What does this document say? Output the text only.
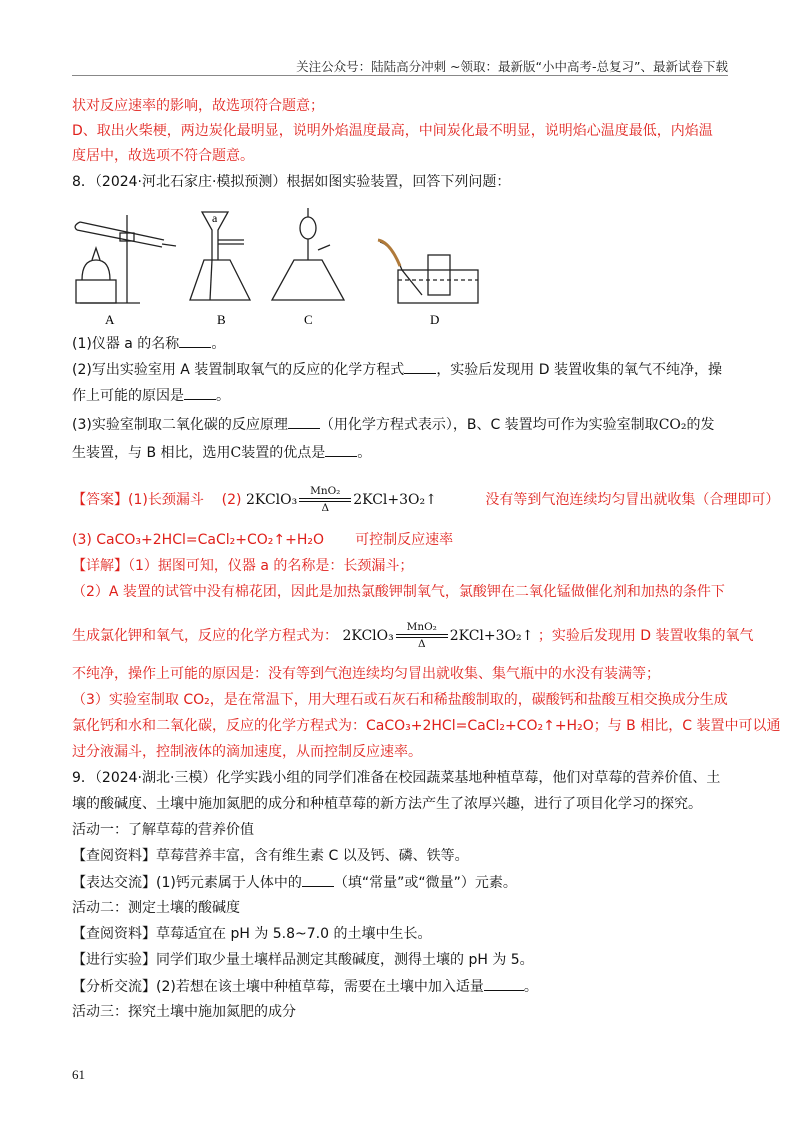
关注公众号：陆陆高分冲刺 ~领取：最新版“小中高考-总复习”、最新试卷下载
状对反应速率的影响，故选项符合题意；
D、取出火柴梗，两边炭化最明显，说明外焰温度最高，中间炭化最不明显，说明焰心温度最低，内焰温
度居中，故选项不符合题意。
8．（2024·河北石家庄·模拟预测）根据如图实验装置，回答下列问题：
a
A	B	C	D
(1)仪器 a 的名称 。
(2)写出实验室用 A 装置制取氧气的反应的化学方程式 ，实验后发现用 D 装置收集的氧气不纯净，操
作上可能的原因是 。
(3)实验室制取二氧化碳的反应原理 （用化学方程式表示），B、C 装置均可作为实验室制取CO₂的发
生装置，与 B 相比，选用C装置的优点是 。
【答案】(1)长颈漏斗 (2) 2KClO₃ $\frac{\text{MnO₂}}{\Delta}$ 2KCl+3O₂↑	没有等到气泡连续均匀冒出就收集（合理即可）
(3) CaCO₃+2HCl=CaCl₂+CO₂↑+H₂O 可控制反应速率
【详解】（1）据图可知，仪器 a 的名称是：长颈漏斗；
（2）A 装置的试管中没有棉花团，因此是加热氯酸钾制氧气，氯酸钾在二氧化锰做催化剂和加热的条件下
生成氯化钾和氧气，反应的化学方程式为： 2KClO₃ $\frac{\text{MnO₂}}{\Delta}$ 2KCl+3O₂↑ ；实验后发现用 D 装置收集的氧气
不纯净，操作上可能的原因是：没有等到气泡连续均匀冒出就收集、集气瓶中的水没有装满等；
（3）实验室制取 CO₂，是在常温下，用大理石或石灰石和稀盐酸制取的，碳酸钙和盐酸互相交换成分生成
氯化钙和水和二氧化碳，反应的化学方程式为：CaCO₃+2HCl=CaCl₂+CO₂↑+H₂O；与 B 相比，C 装置中可以通
过分液漏斗，控制液体的滴加速度，从而控制反应速率。
9．（2024·湖北·三模）化学实践小组的同学们准备在校园蔬菜基地种植草莓，他们对草莓的营养价值、土
壤的酸碱度、土壤中施加氮肥的成分和种植草莓的新方法产生了浓厚兴趣，进行了项目化学习的探究。
活动一：了解草莓的营养价值
【查阅资料】草莓营养丰富，含有维生素 C 以及钙、磷、铁等。
【表达交流】(1)钙元素属于人体中的 （填“常量”或“微量”）元素。
活动二：测定土壤的酸碱度
【查阅资料】草莓适宜在 pH 为 5.8~7.0 的土壤中生长。
【进行实验】同学们取少量土壤样品测定其酸碱度，测得土壤的 pH 为 5。
【分析交流】(2)若想在该土壤中种植草莓，需要在土壤中加入适量	。
活动三：探究土壤中施加氮肥的成分
61
